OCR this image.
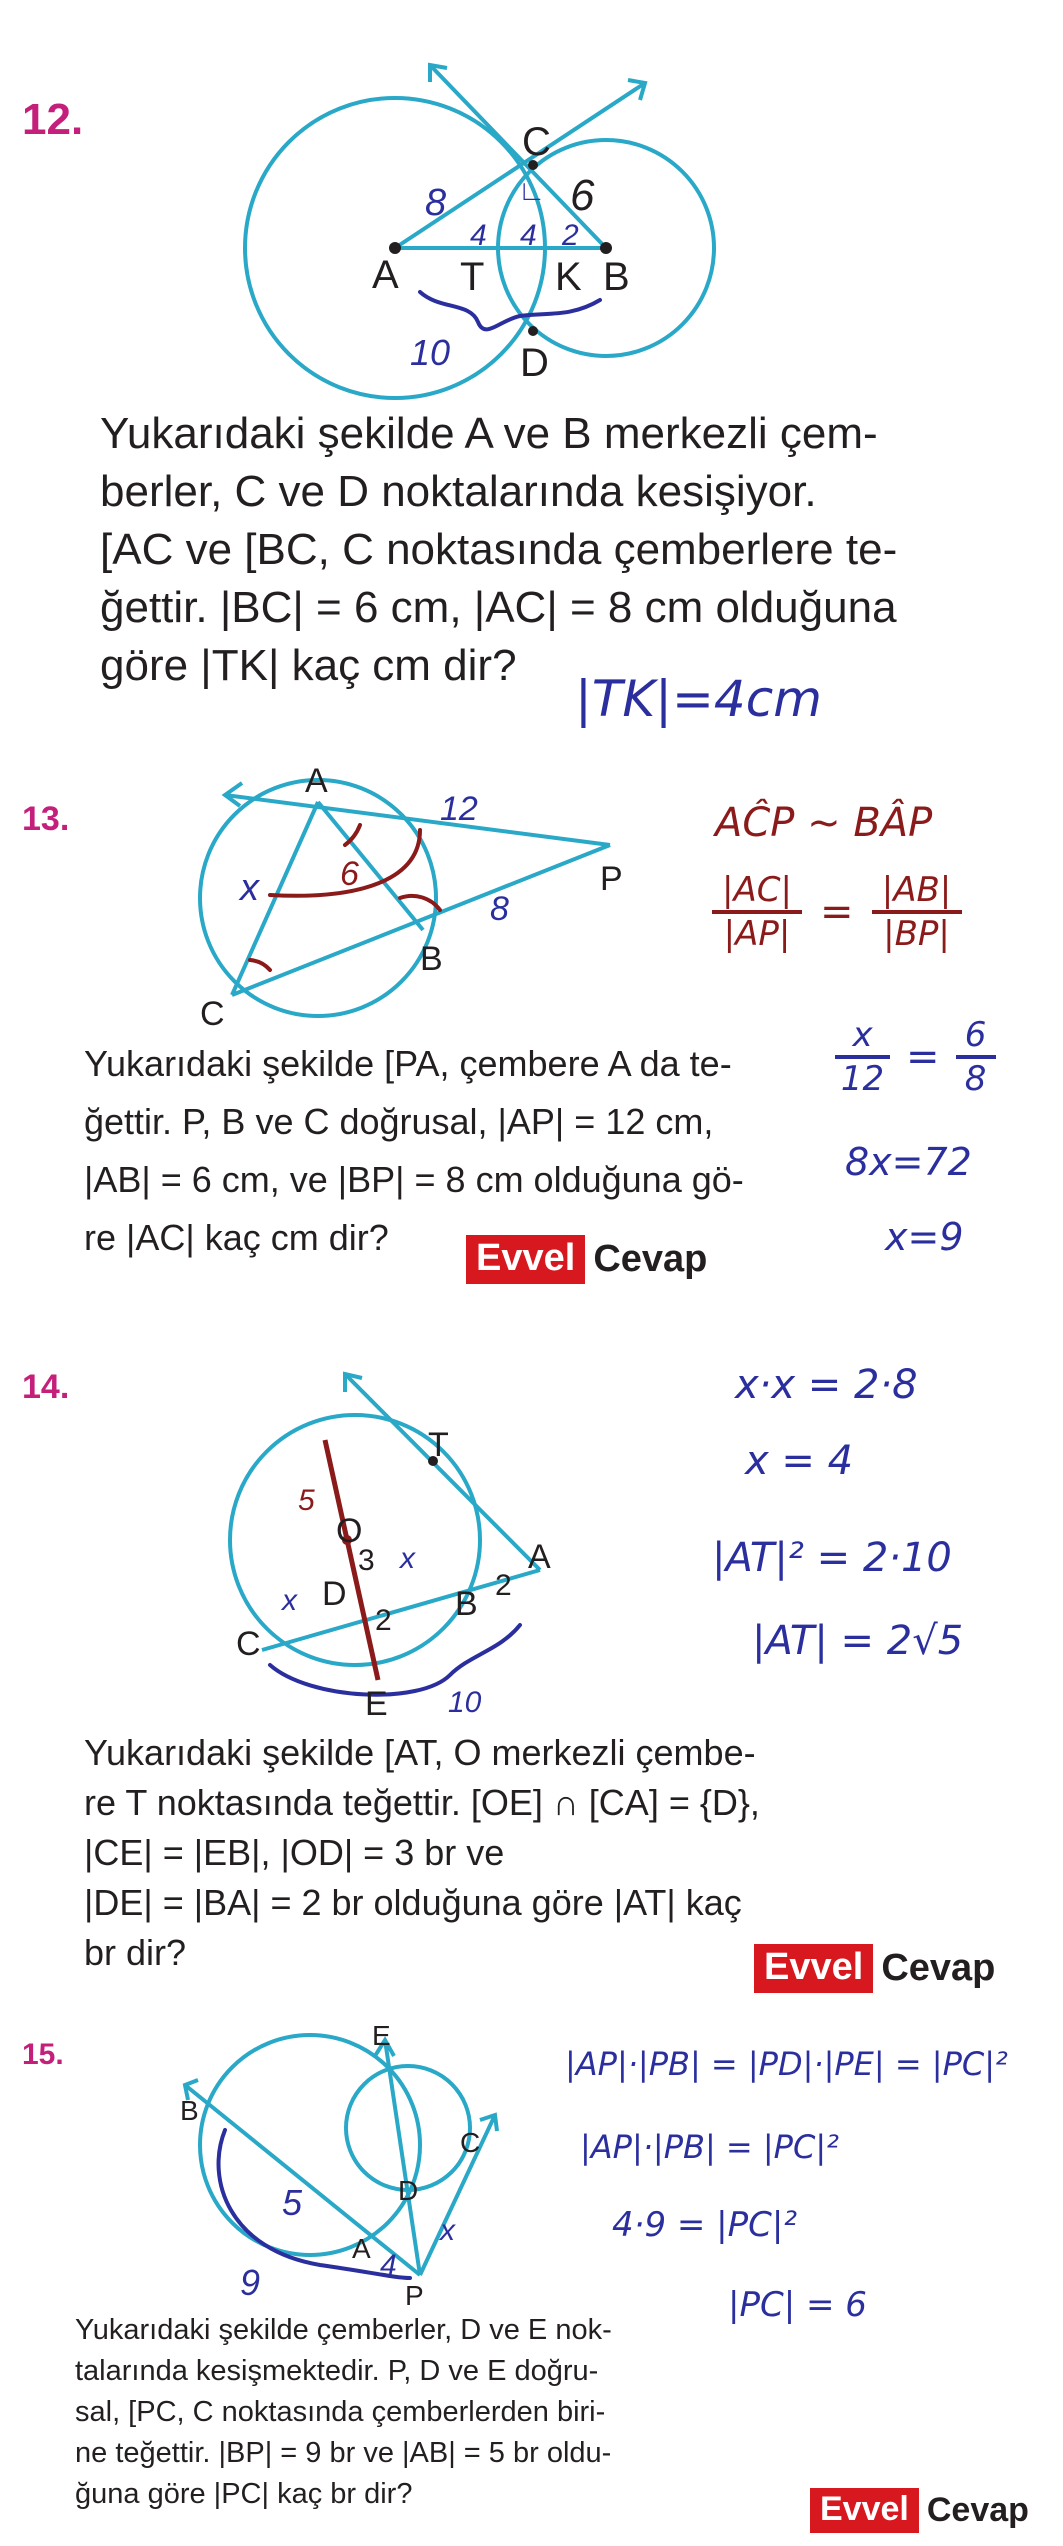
12.	C
A T K B
D
8	6
4 4 2
10
∟
Yukarıdaki şekilde A ve B merkezli çem-
berler, C ve D noktalarında kesişiyor.
[AC ve [BC, C noktasında çemberlere te-
ğettir. |BC| = 6 cm, |AC| = 8 cm olduğuna
göre |TK| kaç cm dir?
|TK|=4cm
13.
A
P
B
C
12
8
6
x
AĈP ~ BÂP
|AC|
|AP| = |AB|
|BP|
x
12 = 6
8
8x=72
x=9
Yukarıdaki şekilde [PA, çembere A da te-
ğettir. P, B ve C doğrusal, |AP| = 12 cm,
|AB| = 6 cm, ve |BP| = 8 cm olduğuna gö-
re |AC| kaç cm dir?	Evvel Cevap
14.
T
O
D
A
B
C
E
3
2
2
5
x
x
10
x·x = 2·8
x = 4
|AT|² = 2·10
|AT| = 2√5
Yukarıdaki şekilde [AT, O merkezli çembe-
re T noktasında teğettir. [OE] ∩ [CA] = {D},
|CE| = |EB|, |OD| = 3 br ve
|DE| = |BA| = 2 br olduğuna göre |AT| kaç
br dir?	Evvel Cevap
15.
E
B
C
D
A
P
5
9	4
x
|AP|·|PB| = |PD|·|PE| = |PC|²
|AP|·|PB| = |PC|²
4·9 = |PC|²
|PC| = 6
Yukarıdaki şekilde çemberler, D ve E nok-
talarında kesişmektedir. P, D ve E doğru-
sal, [PC, C noktasında çemberlerden biri-
ne teğettir. |BP| = 9 br ve |AB| = 5 br oldu-
ğuna göre |PC| kaç br dir?	Evvel Cevap
